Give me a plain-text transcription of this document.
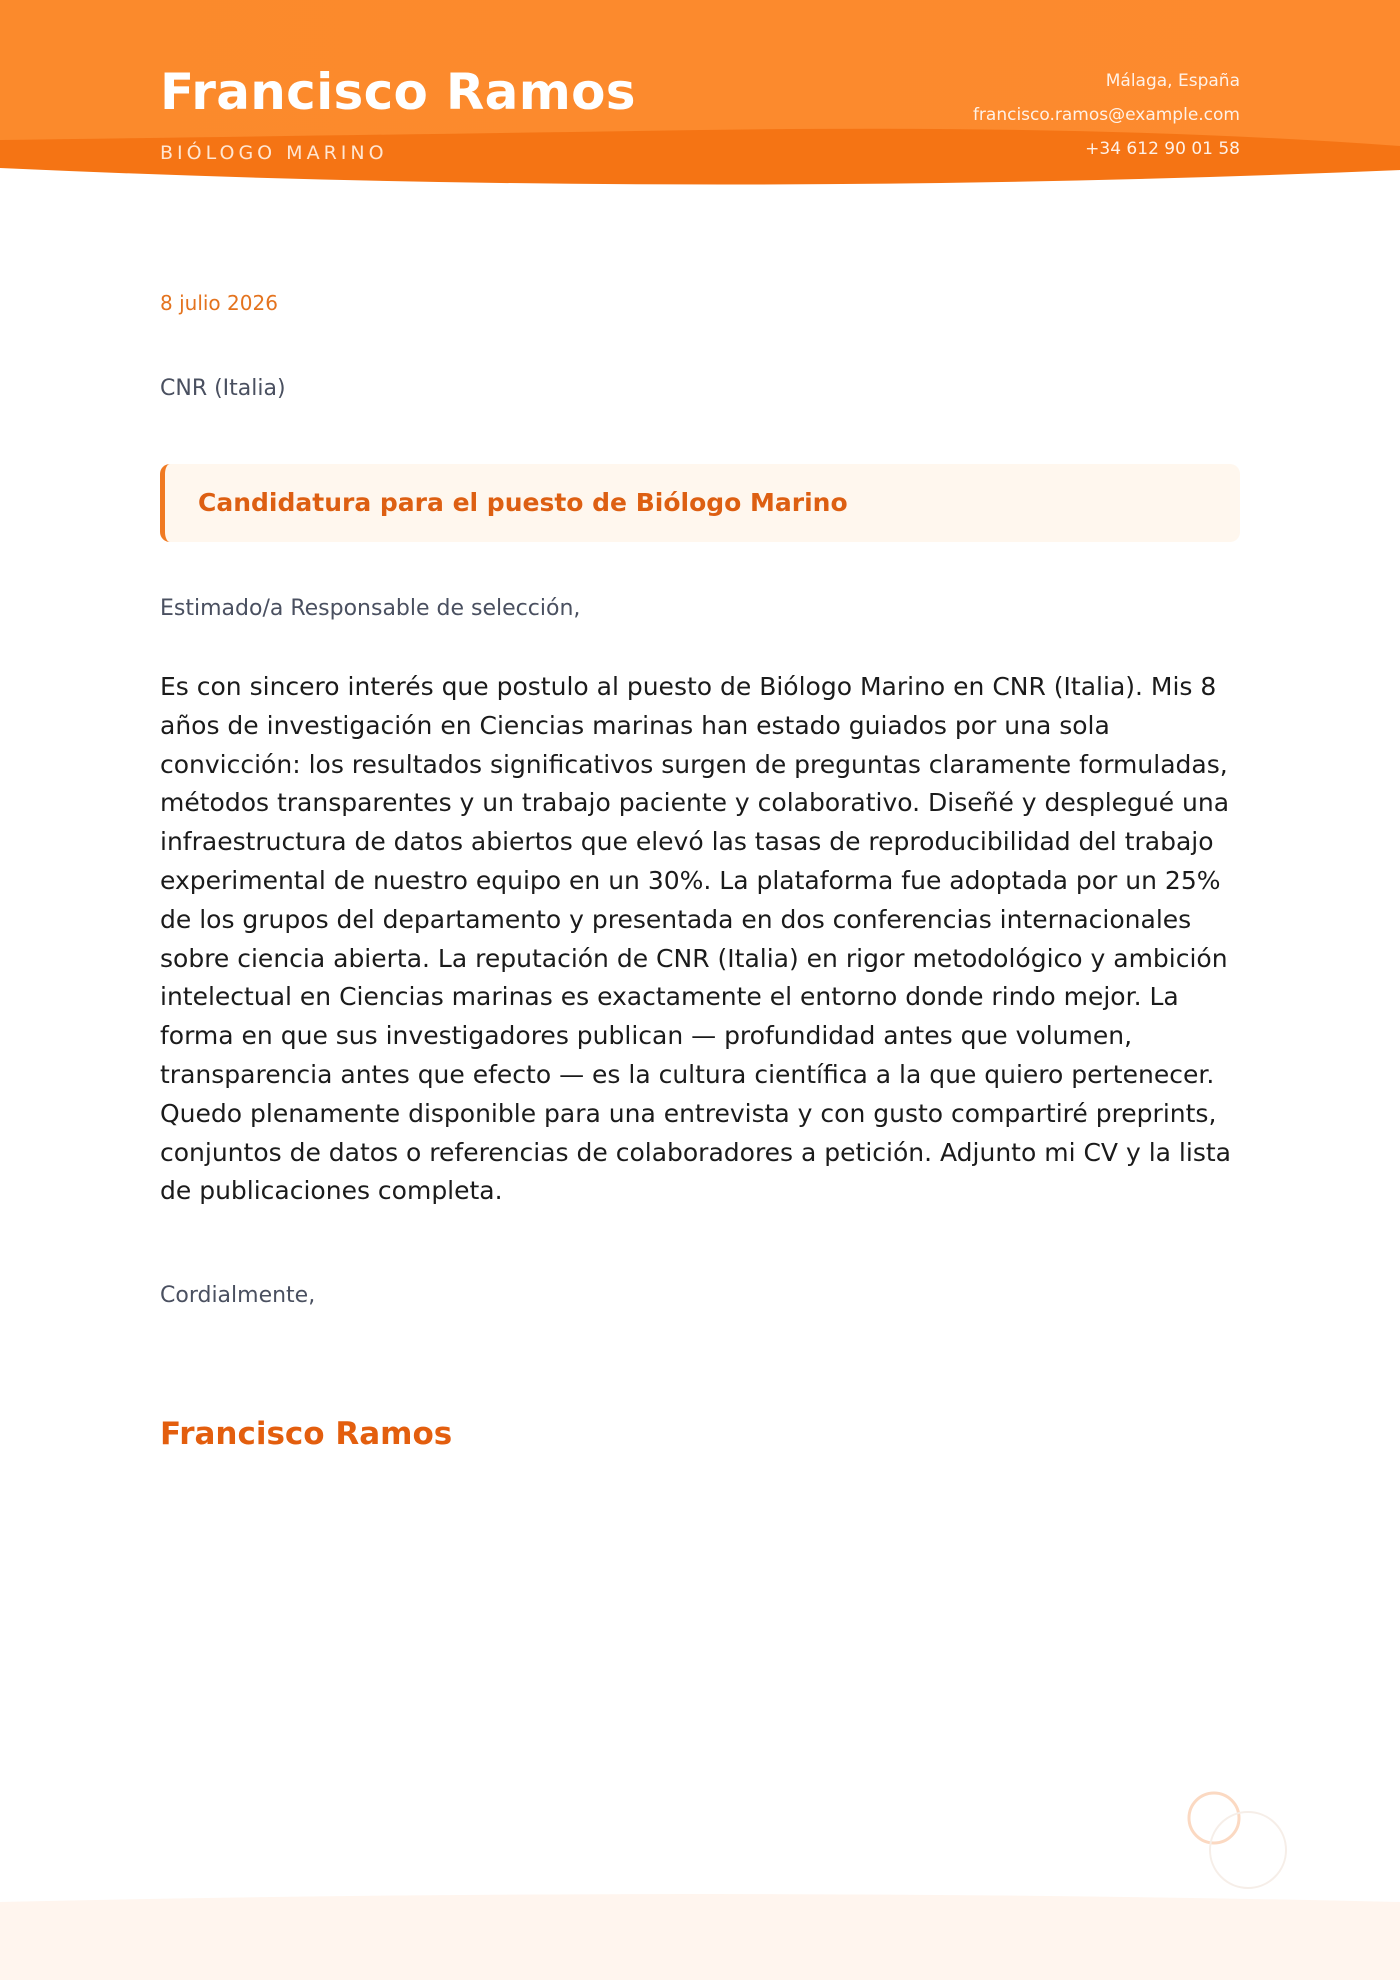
Francisco Ramos
BIÓLOGO MARINO
Málaga, España
francisco.ramos@example.com
+34 612 90 01 58
8 julio 2026
CNR (Italia)
Candidatura para el puesto de Biólogo Marino
Estimado/a Responsable de selección,
Es con sincero interés que postulo al puesto de Biólogo Marino en CNR (Italia). Mis 8 años de investigación en Ciencias marinas han estado guiados por una sola convicción: los resultados significativos surgen de preguntas claramente formuladas, métodos transparentes y un trabajo paciente y colaborativo. Diseñé y desplegué una infraestructura de datos abiertos que elevó las tasas de reproducibilidad del trabajo experimental de nuestro equipo en un 30%. La plataforma fue adoptada por un 25% de los grupos del departamento y presentada en dos conferencias internacionales sobre ciencia abierta. La reputación de CNR (Italia) en rigor metodológico y ambición intelectual en Ciencias marinas es exactamente el entorno donde rindo mejor. La forma en que sus investigadores publican — profundidad antes que volumen, transparencia antes que efecto — es la cultura científica a la que quiero pertenecer. Quedo plenamente disponible para una entrevista y con gusto compartiré preprints, conjuntos de datos o referencias de colaboradores a petición. Adjunto mi CV y la lista de publicaciones completa.
Cordialmente,
Francisco Ramos
